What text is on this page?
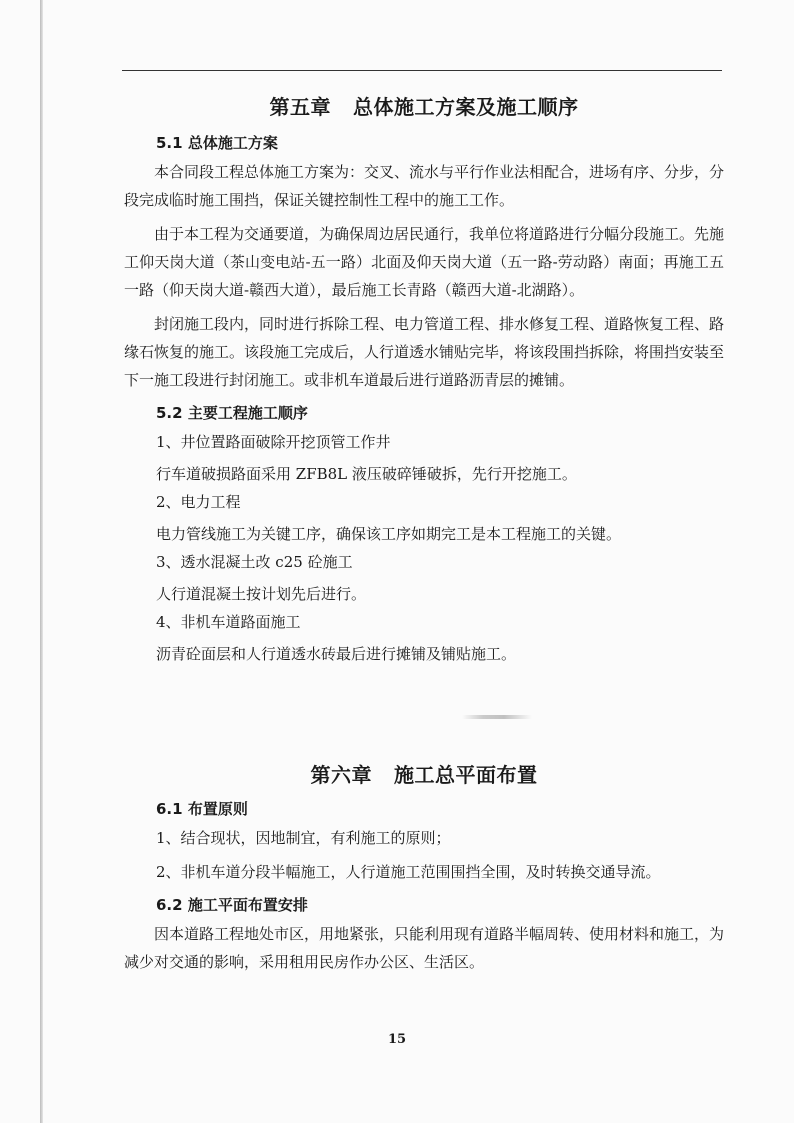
第五章 总体施工方案及施工顺序
5.1 总体施工方案

本合同段工程总体施工方案为：交叉、流水与平行作业法相配合，进场有序、分步，分段完成临时施工围挡，保证关键控制性工程中的施工工作。

由于本工程为交通要道，为确保周边居民通行，我单位将道路进行分幅分段施工。先施工仰天岗大道（茶山变电站-五一路）北面及仰天岗大道（五一路-劳动路）南面；再施工五一路（仰天岗大道-赣西大道），最后施工长青路（赣西大道-北湖路）。

封闭施工段内，同时进行拆除工程、电力管道工程、排水修复工程、道路恢复工程、路缘石恢复的施工。该段施工完成后，人行道透水铺贴完毕，将该段围挡拆除，将围挡安装至下一施工段进行封闭施工。或非机车道最后进行道路沥青层的摊铺。

5.2 主要工程施工顺序

1、井位置路面破除开挖顶管工作井

行车道破损路面采用 ZFB8L 液压破碎锤破拆，先行开挖施工。

2、电力工程

电力管线施工为关键工序，确保该工序如期完工是本工程施工的关键。

3、透水混凝土改 c25 砼施工

人行道混凝土按计划先后进行。

4、非机车道路面施工

沥青砼面层和人行道透水砖最后进行摊铺及铺贴施工。

第六章 施工总平面布置
6.1 布置原则

1、结合现状，因地制宜，有利施工的原则；

2、非机车道分段半幅施工，人行道施工范围围挡全围，及时转换交通导流。

6.2 施工平面布置安排

因本道路工程地处市区，用地紧张，只能利用现有道路半幅周转、使用材料和施工，为减少对交通的影响，采用租用民房作办公区、生活区。

15
